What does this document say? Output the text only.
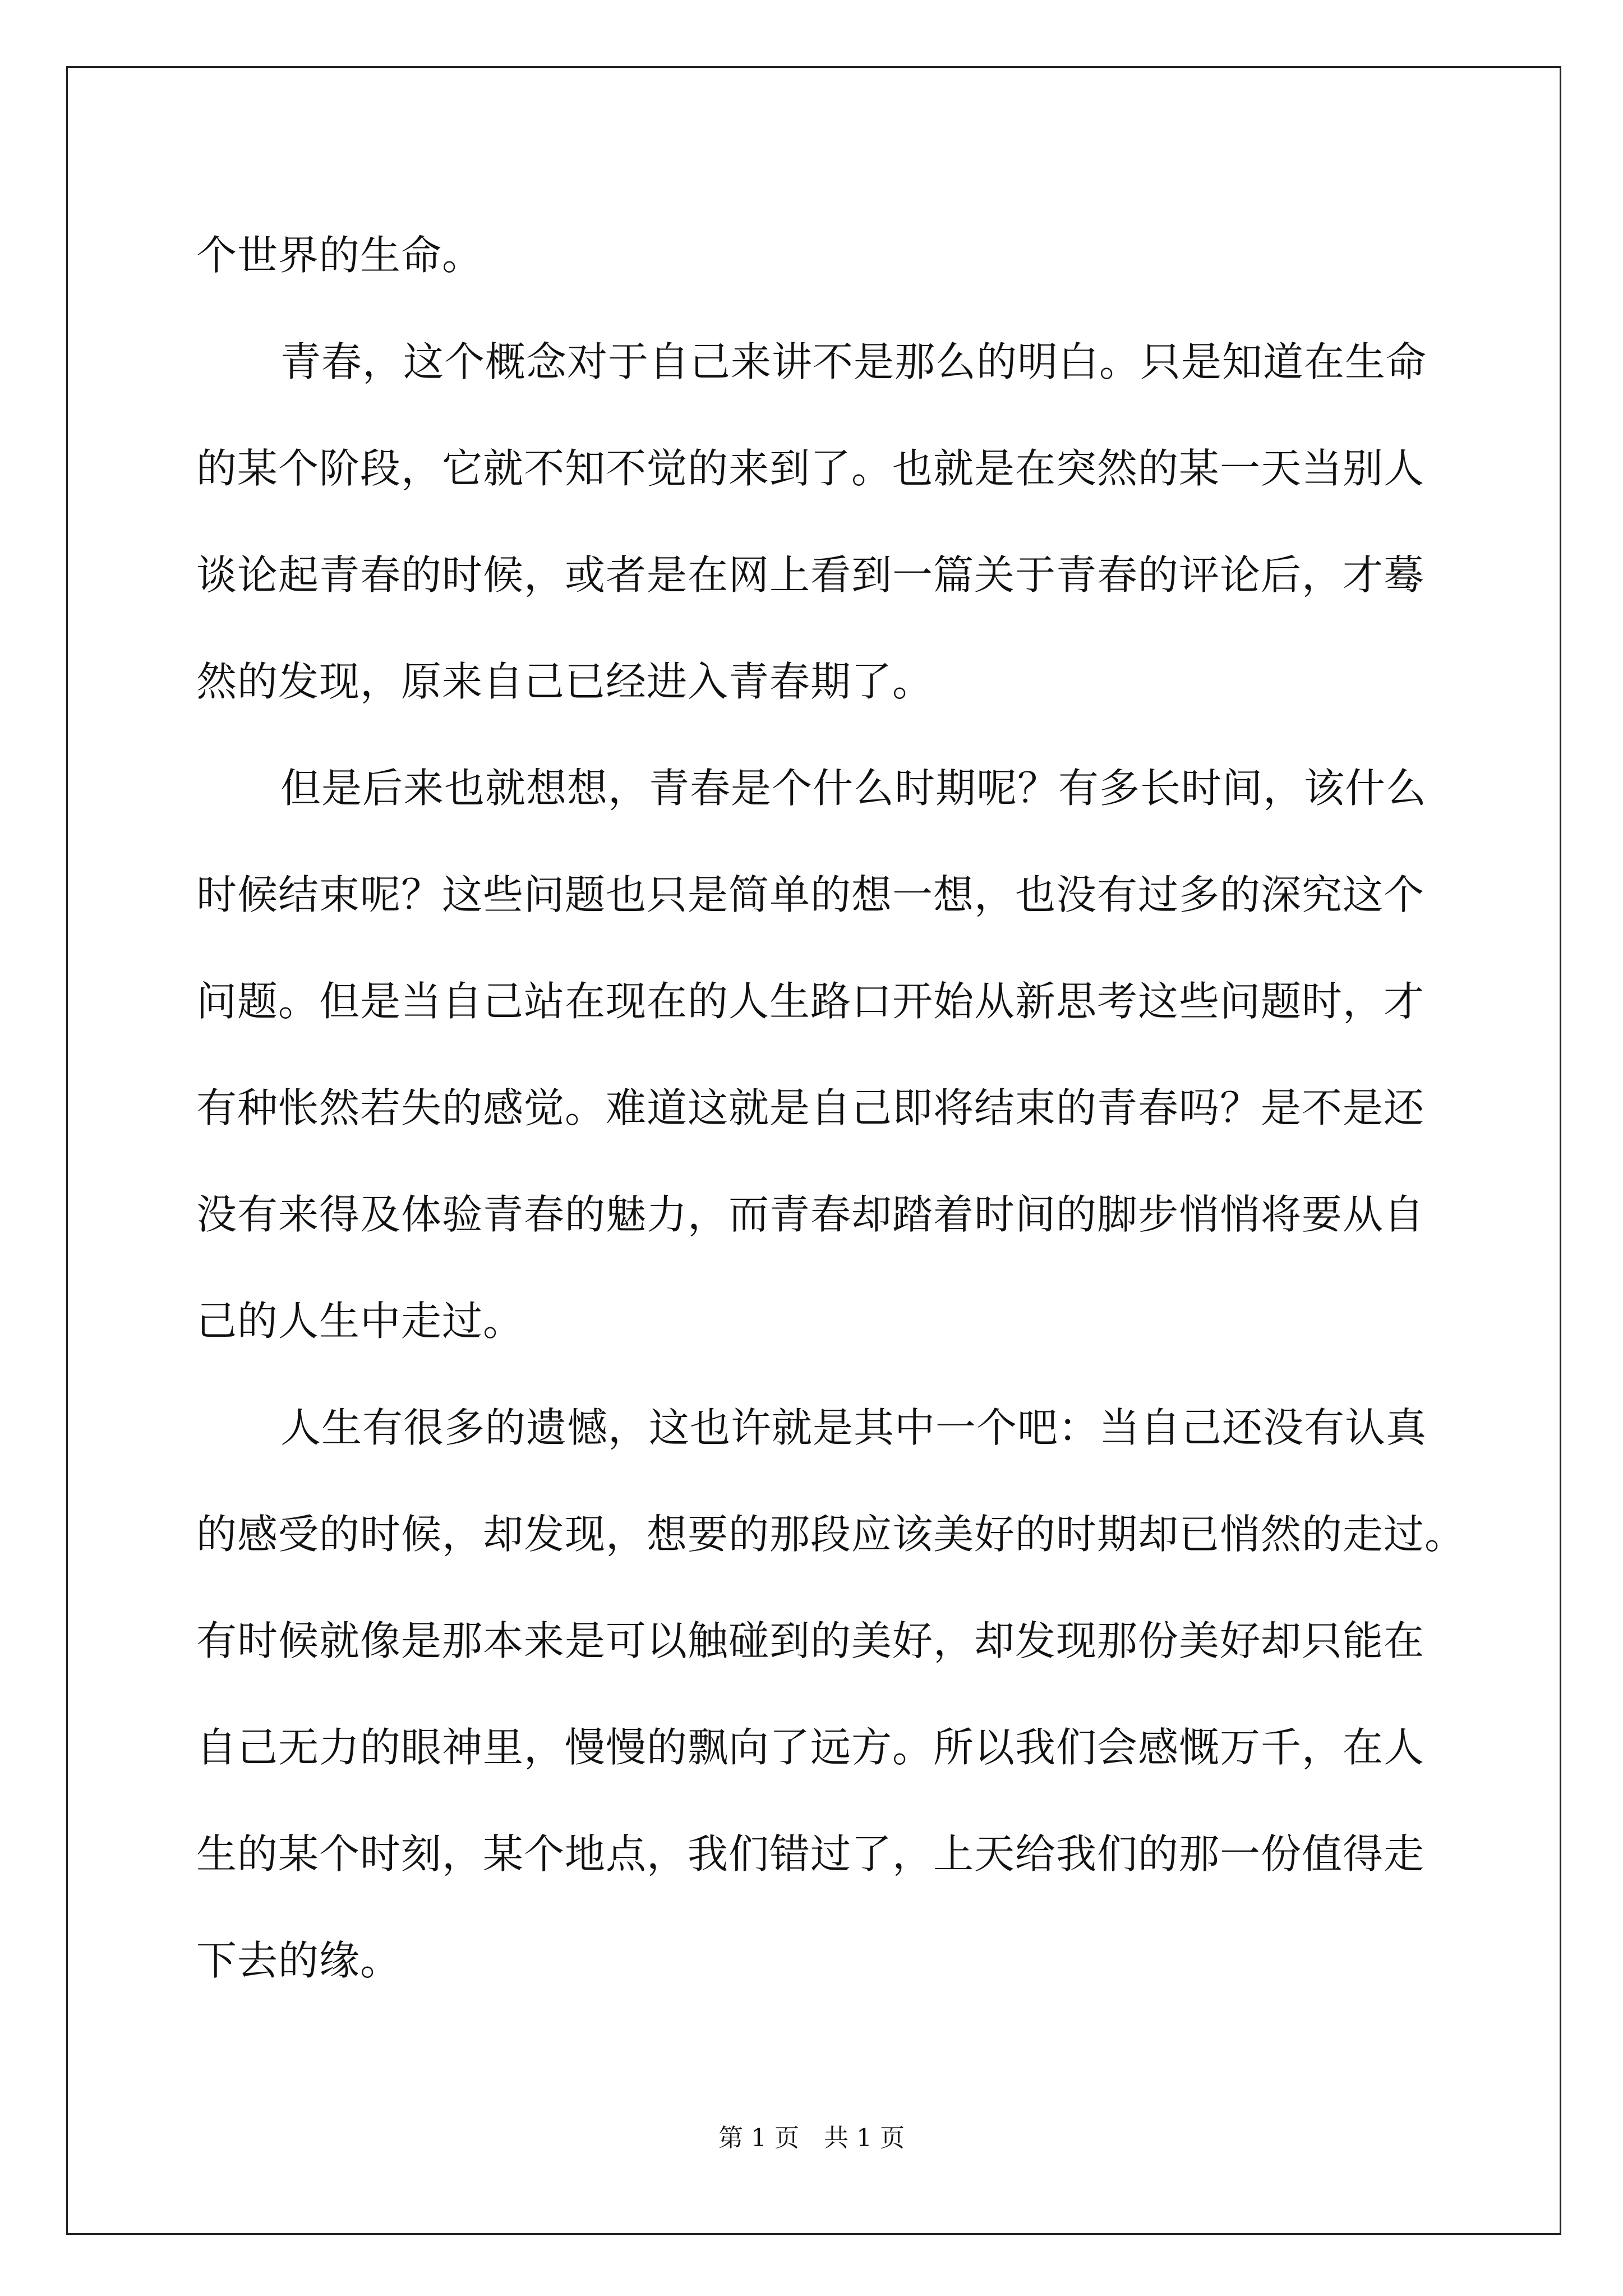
个世界的生命。
青春，这个概念对于自己来讲不是那么的明白。只是知道在生命
的某个阶段，它就不知不觉的来到了。也就是在突然的某一天当别人
谈论起青春的时候，或者是在网上看到一篇关于青春的评论后，才蓦
然的发现，原来自己已经进入青春期了。
但是后来也就想想，青春是个什么时期呢？有多长时间，该什么
时候结束呢？这些问题也只是简单的想一想，也没有过多的深究这个
问题。但是当自己站在现在的人生路口开始从新思考这些问题时，才
有种怅然若失的感觉。难道这就是自己即将结束的青春吗？是不是还
没有来得及体验青春的魅力，而青春却踏着时间的脚步悄悄将要从自
己的人生中走过。
人生有很多的遗憾，这也许就是其中一个吧：当自己还没有认真
的感受的时候，却发现，想要的那段应该美好的时期却已悄然的走过。
有时候就像是那本来是可以触碰到的美好，却发现那份美好却只能在
自己无力的眼神里，慢慢的飘向了远方。所以我们会感慨万千，在人
生的某个时刻，某个地点，我们错过了，上天给我们的那一份值得走
下去的缘。
第 1 页　共 1 页
